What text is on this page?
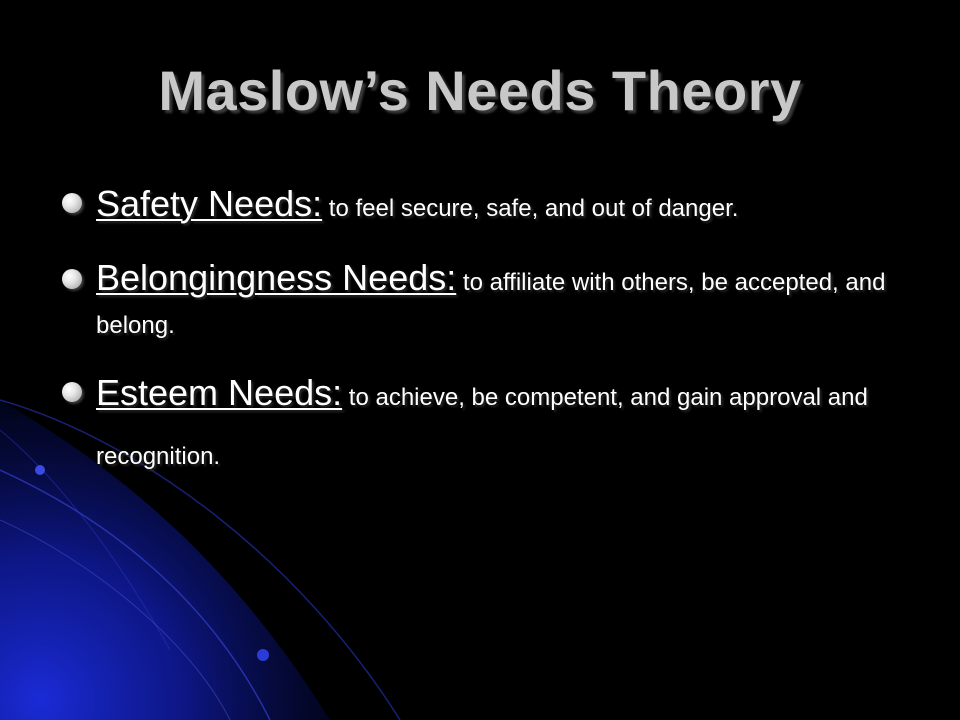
Maslow’s Needs Theory
Safety Needs: to feel secure, safe, and out of danger.
Belongingness Needs: to affiliate with others, be accepted, and belong.
Esteem Needs: to achieve, be competent, and gain approval and recognition.
